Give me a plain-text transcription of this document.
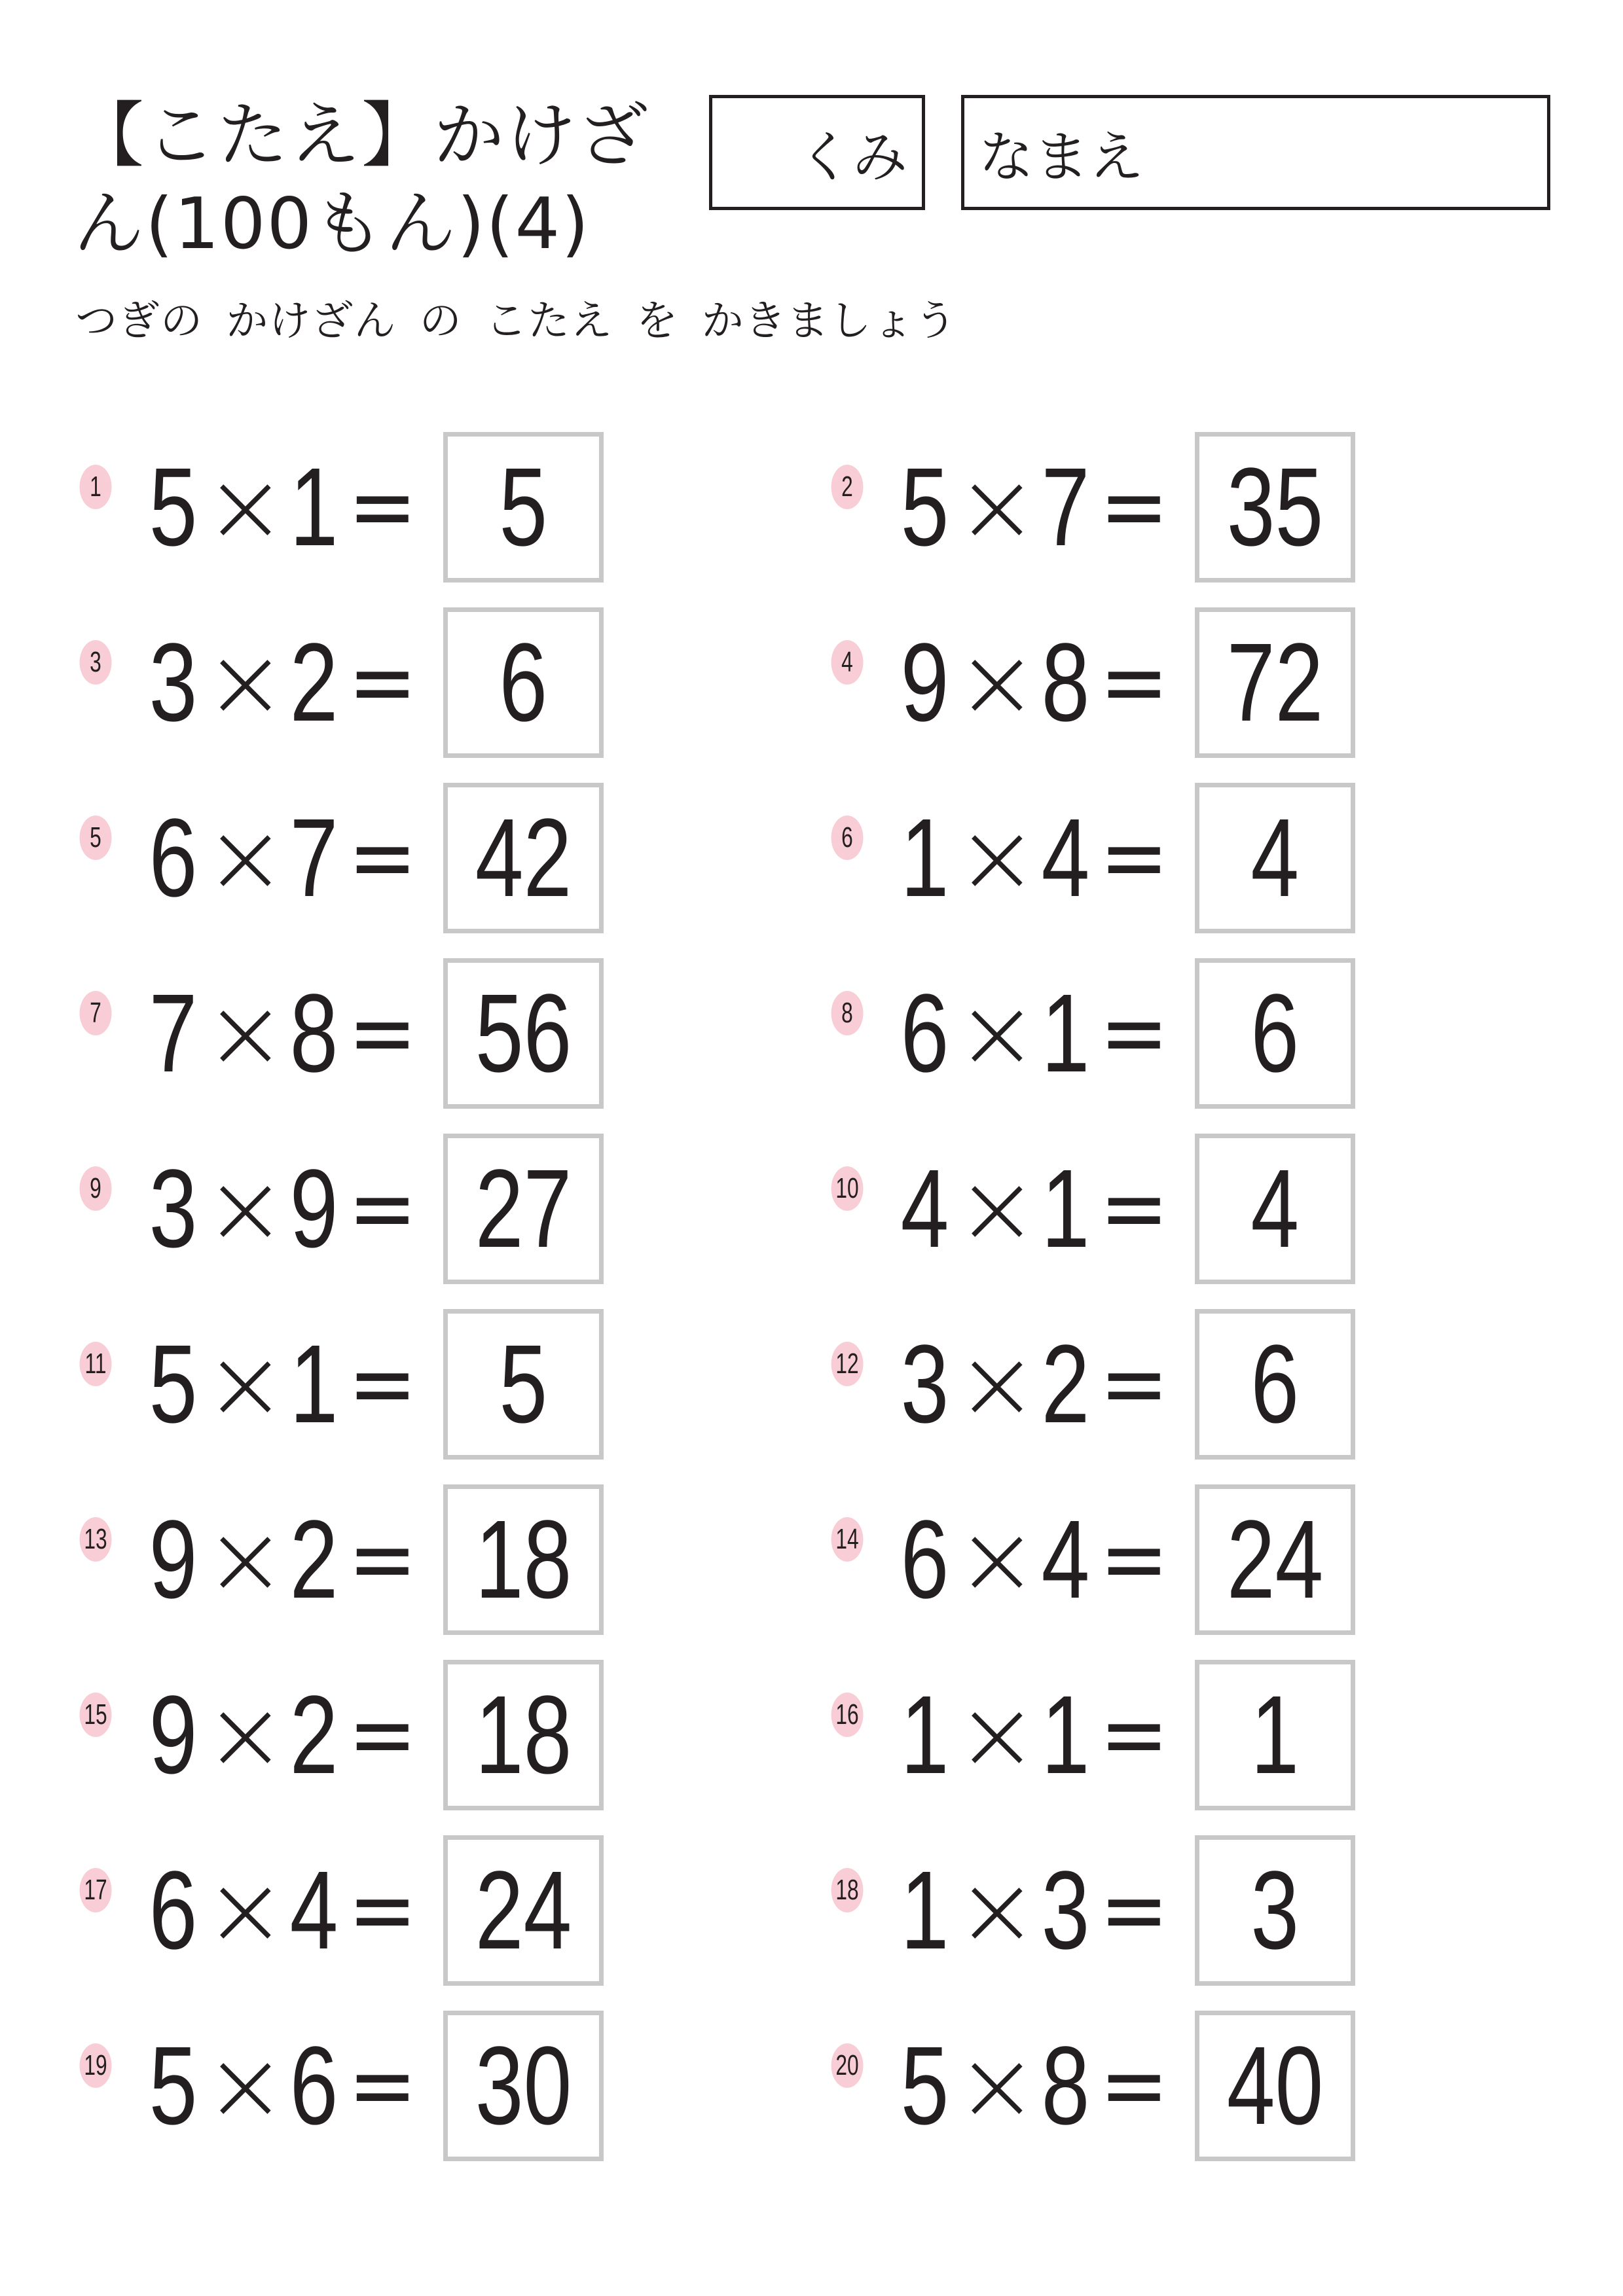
【こたえ】かけざん(100もん)(4)
くみ なまえ
つぎの かけざん の こたえ を かきましょう
1 5 × 1 = 5	2 5 × 7 = 35
3 3 × 2 = 6	4 9 × 8 = 72
5 6 × 7 = 42	6 1 × 4 = 4
7 7 × 8 = 56	8 6 × 1 = 6
9 3 × 9 = 27	10 4 × 1 = 4
11 5 × 1 = 5	12 3 × 2 = 6
13 9 × 2 = 18	14 6 × 4 = 24
15 9 × 2 = 18	16 1 × 1 = 1
17 6 × 4 = 24	18 1 × 3 = 3
19 5 × 6 = 30	20 5 × 8 = 40
